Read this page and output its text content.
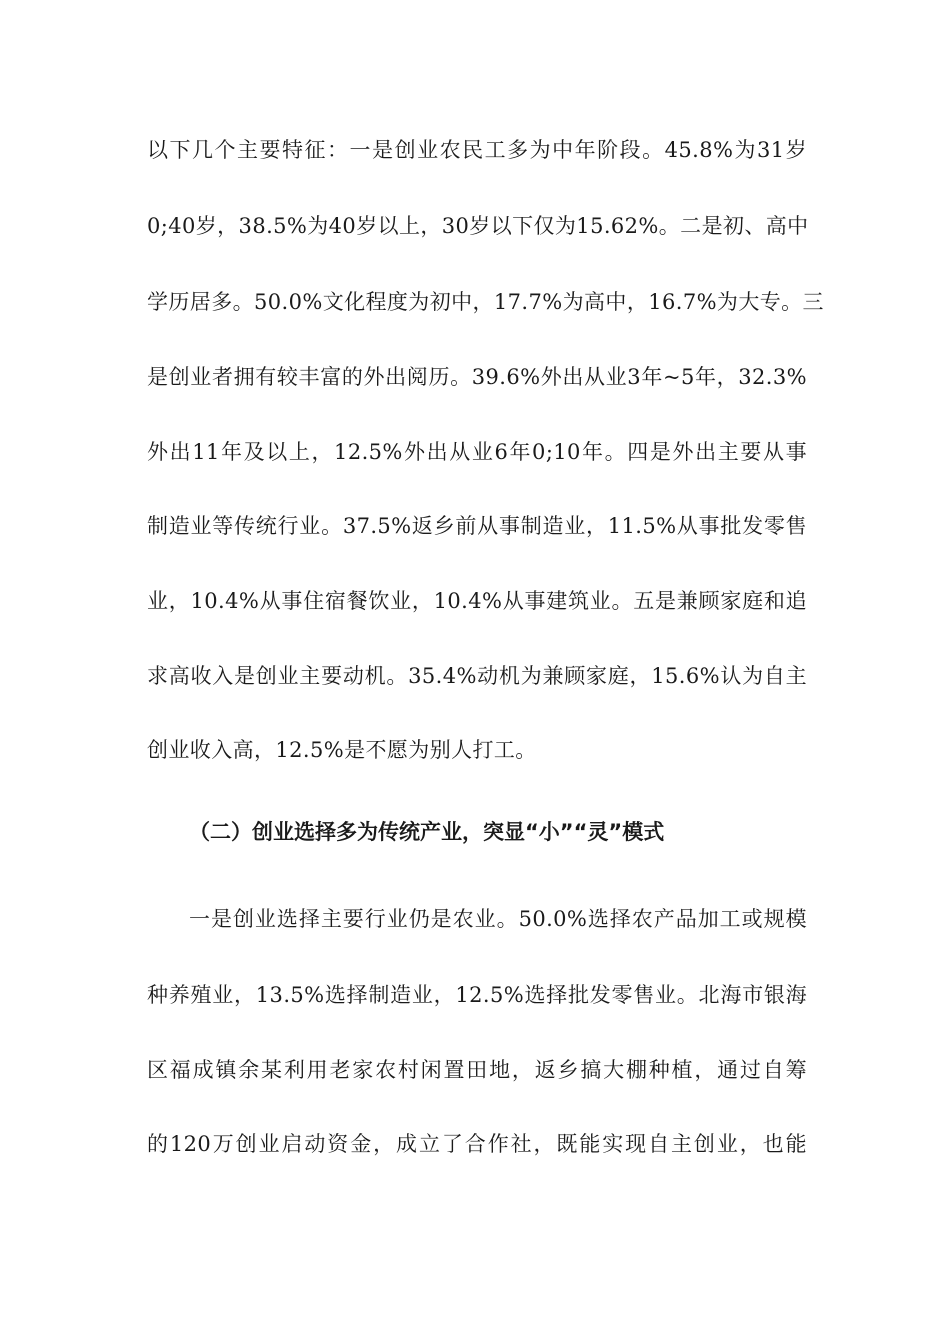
以下几个主要特征：一是创业农民工多为中年阶段。45.8%为31岁
0;40岁，38.5%为40岁以上，30岁以下仅为15.62%。二是初、高中
学历居多。50.0%文化程度为初中，17.7%为高中，16.7%为大专。三
是创业者拥有较丰富的外出阅历。39.6%外出从业3年~5年，32.3%
外出11年及以上，12.5%外出从业6年0;10年。四是外出主要从事
制造业等传统行业。37.5%返乡前从事制造业，11.5%从事批发零售
业，10.4%从事住宿餐饮业，10.4%从事建筑业。五是兼顾家庭和追
求高收入是创业主要动机。35.4%动机为兼顾家庭，15.6%认为自主
创业收入高，12.5%是不愿为别人打工。
（二）创业选择多为传统产业，突显“小”“灵”模式
一是创业选择主要行业仍是农业。50.0%选择农产品加工或规模
种养殖业，13.5%选择制造业，12.5%选择批发零售业。北海市银海
区福成镇余某利用老家农村闲置田地，返乡搞大棚种植，通过自筹
的120万创业启动资金，成立了合作社，既能实现自主创业，也能
